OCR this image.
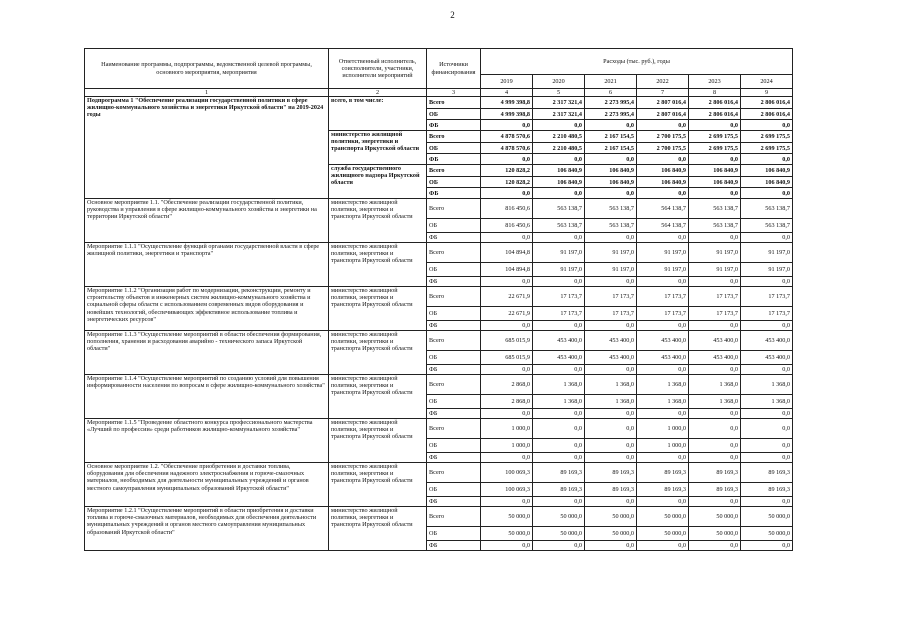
2
Наименование программы, подпрограммы, ведомственной целевой программы, основного мероприятия, мероприятия	Ответственный исполнитель, соисполнители, участники, исполнители мероприятий	Источники финансирования	Расходы (тыс. руб.), годы					
			2019	2020	2021	2022	2023	2024
1	2	3	4	5	6	7	8	9
Подпрограмма 1 "Обеспечение реализации государственной политики в сфере жилищно-коммунального хозяйства и энергетики Иркутской области" на 2019-2024 годы	всего, в том числе:	Всего	4 999 398,8	2 317 321,4	2 273 995,4	2 807 016,4	2 806 016,4	2 806 016,4
		ОБ	4 999 398,8	2 317 321,4	2 273 995,4	2 807 016,4	2 806 016,4	2 806 016,4
		ФБ	0,0	0,0	0,0	0,0	0,0	0,0
	министерство жилищной политики, энергетики и транспорта Иркутской области	Всего	4 878 570,6	2 210 480,5	2 167 154,5	2 700 175,5	2 699 175,5	2 699 175,5
		ОБ	4 878 570,6	2 210 480,5	2 167 154,5	2 700 175,5	2 699 175,5	2 699 175,5
		ФБ	0,0	0,0	0,0	0,0	0,0	0,0
	служба государственного жилищного надзора Иркутской области	Всего	120 828,2	106 840,9	106 840,9	106 840,9	106 840,9	106 840,9
		ОБ	120 828,2	106 840,9	106 840,9	106 840,9	106 840,9	106 840,9
		ФБ	0,0	0,0	0,0	0,0	0,0	0,0
Основное мероприятие 1.1. "Обеспечение реализации государственной политики, руководства и управления в сфере жилищно-коммунального хозяйства и энергетики на территории Иркутской области"	министерство жилищной политики, энергетики и транспорта Иркутской области	Всего	816 450,6	563 138,7	563 138,7	564 138,7	563 138,7	563 138,7
		ОБ	816 450,6	563 138,7	563 138,7	564 138,7	563 138,7	563 138,7
		ФБ	0,0	0,0	0,0	0,0	0,0	0,0
Мероприятие 1.1.1 "Осуществление функций органами государственной власти в сфере жилищной политики, энергетики и транспорта"	министерство жилищной политики, энергетики и транспорта Иркутской области	Всего	104 894,8	91 197,0	91 197,0	91 197,0	91 197,0	91 197,0
		ОБ	104 894,8	91 197,0	91 197,0	91 197,0	91 197,0	91 197,0
		ФБ	0,0	0,0	0,0	0,0	0,0	0,0
Мероприятие 1.1.2 "Организация работ по модернизации, реконструкции, ремонту и строительству объектов и инженерных систем жилищно-коммунального хозяйства и социальной сферы области с использованием современных видов оборудования и новейших технологий, обеспечивающих эффективное использование топлива и энергетических ресурсов"	министерство жилищной политики, энергетики и транспорта Иркутской области	Всего	22 671,9	17 173,7	17 173,7	17 173,7	17 173,7	17 173,7
		ОБ	22 671,9	17 173,7	17 173,7	17 173,7	17 173,7	17 173,7
		ФБ	0,0	0,0	0,0	0,0	0,0	0,0
Мероприятие 1.1.3 "Осуществление мероприятий в области обеспечения формирования, пополнения, хранения и расходования аварийно - технического запаса Иркутской области"	министерство жилищной политики, энергетики и транспорта Иркутской области	Всего	685 015,9	453 400,0	453 400,0	453 400,0	453 400,0	453 400,0
		ОБ	685 015,9	453 400,0	453 400,0	453 400,0	453 400,0	453 400,0
		ФБ	0,0	0,0	0,0	0,0	0,0	0,0
Мероприятие 1.1.4 "Осуществление мероприятий по созданию условий для повышения информированности населения по вопросам в сфере жилищно-коммунального хозяйства"	министерство жилищной политики, энергетики и транспорта Иркутской области	Всего	2 868,0	1 368,0	1 368,0	1 368,0	1 368,0	1 368,0
		ОБ	2 868,0	1 368,0	1 368,0	1 368,0	1 368,0	1 368,0
		ФБ	0,0	0,0	0,0	0,0	0,0	0,0
Мероприятие 1.1.5 "Проведение областного конкурса профессионального мастерства «Лучший по профессии» среди работников жилищно-коммунального хозяйства"	министерство жилищной политики, энергетики и транспорта Иркутской области	Всего	1 000,0	0,0	0,0	1 000,0	0,0	0,0
		ОБ	1 000,0	0,0	0,0	1 000,0	0,0	0,0
		ФБ	0,0	0,0	0,0	0,0	0,0	0,0
Основное мероприятие 1.2. "Обеспечение приобретения и доставки топлива, оборудования для обеспечения надежного электроснабжения и горюче-смазочных материалов, необходимых для деятельности муниципальных учреждений и органов местного самоуправления муниципальных образований Иркутской области"	министерство жилищной политики, энергетики и транспорта Иркутской области	Всего	100 069,3	89 169,3	89 169,3	89 169,3	89 169,3	89 169,3
		ОБ	100 069,3	89 169,3	89 169,3	89 169,3	89 169,3	89 169,3
		ФБ	0,0	0,0	0,0	0,0	0,0	0,0
Мероприятие 1.2.1 "Осуществление мероприятий в области приобретения и доставки топлива и горюче-смазочных материалов, необходимых для обеспечения деятельности муниципальных учреждений и органов местного самоуправления муниципальных образований Иркутской области"	министерство жилищной политики, энергетики и транспорта Иркутской области	Всего	50 000,0	50 000,0	50 000,0	50 000,0	50 000,0	50 000,0
		ОБ	50 000,0	50 000,0	50 000,0	50 000,0	50 000,0	50 000,0
		ФБ	0,0	0,0	0,0	0,0	0,0	0,0
